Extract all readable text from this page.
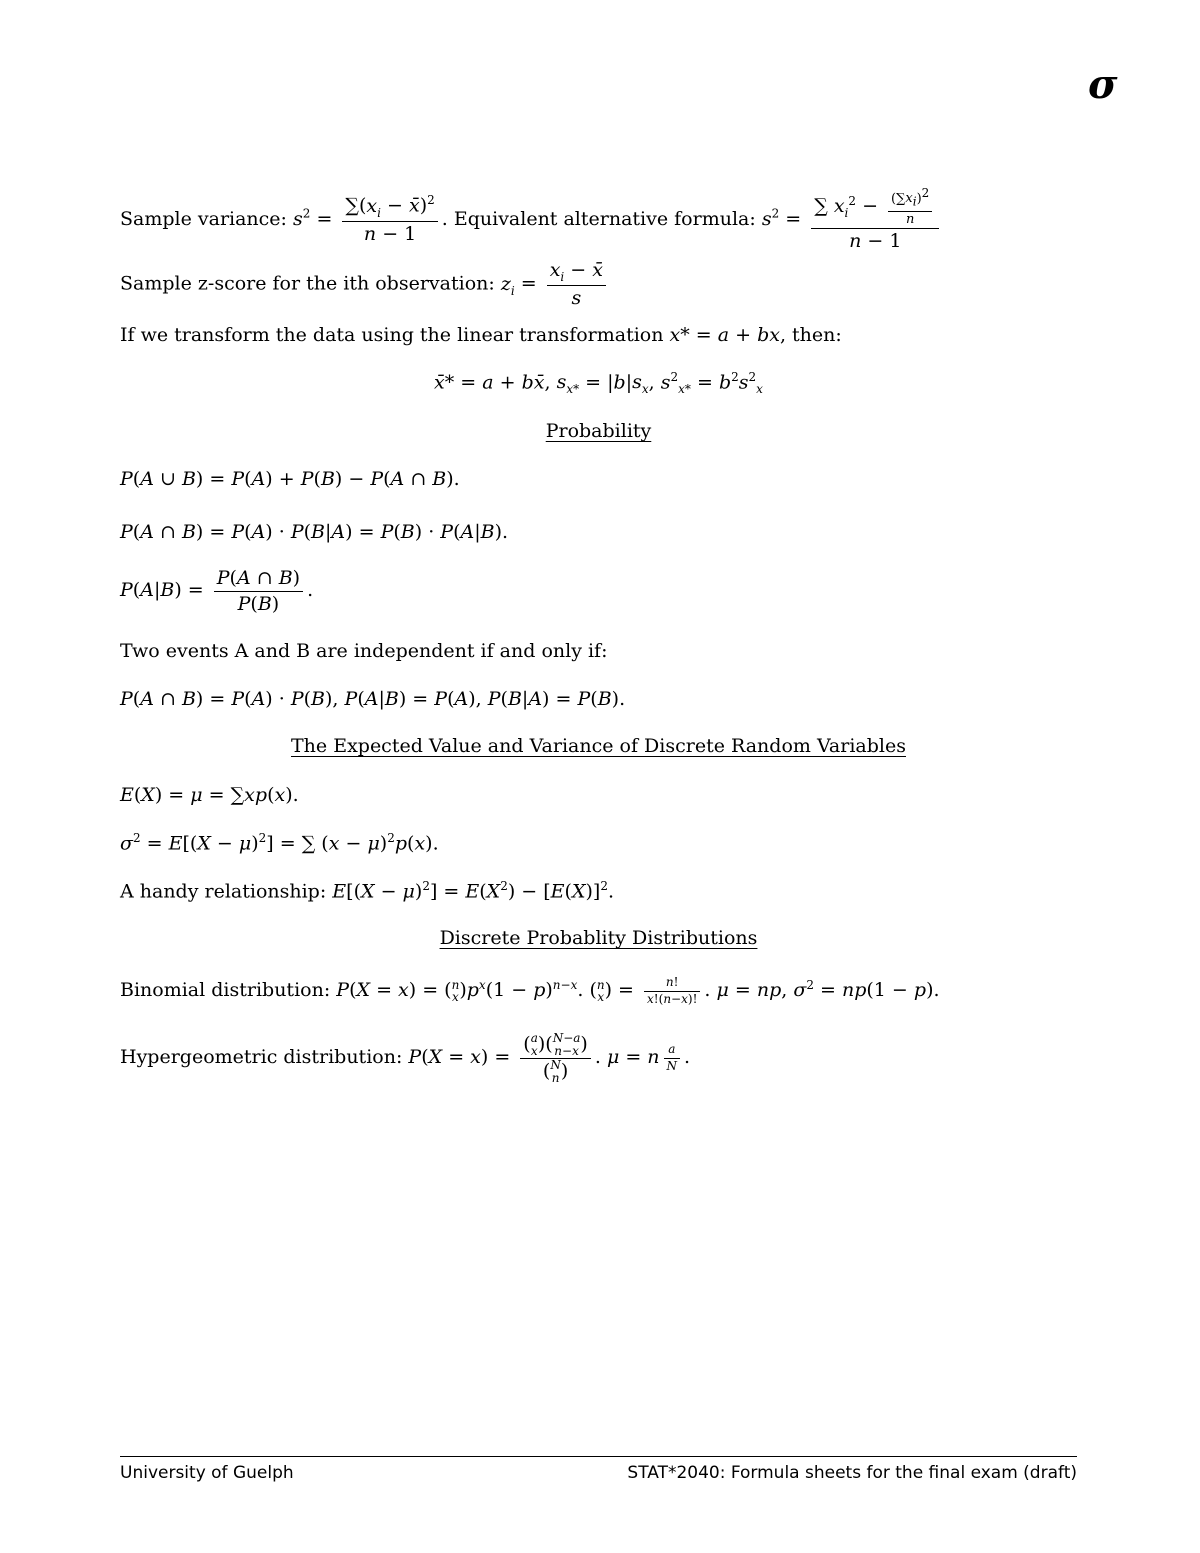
σ
Sample variance: $s^2 = \frac{\sum(x_i - x̄)^2}{n - 1}$ . Equivalent alternative formula: $s^2 = \frac{\sum x_i^2 - \frac{(\sum x_i)^2}{n}}{n - 1}$
Sample z-score for the ith observation: $z_i = \frac{x_i - x̄}{s}$
If we transform the data using the linear transformation x* = a + bx, then:
x̄* = a + bx̄, $s_{x*} = |b|s_x$, $s^2_{x*} = b^2s^2_x$
Probability
P(A ∪ B) = P(A) + P(B) − P(A ∩ B).
P(A ∩ B) = P(A) · P(B|A) = P(B) · P(A|B).
$P(A|B) = \frac{P(A \cap B)}{P(B)}$ .
Two events A and B are independent if and only if:
P(A ∩ B) = P(A) · P(B), P(A|B) = P(A), P(B|A) = P(B).
The Expected Value and Variance of Discrete Random Variables
E(X) = μ = ∑xp(x).
$\sigma^2 = E[(X - \mu)^2]$ = ∑ $(x - \mu)^2p(x)$.
A handy relationship: $E[(X - \mu)^2] = E(X^2) - [E(X)]^2$.
Discrete Probablity Distributions
Binomial distribution: P(X = x) = (n
$x)p^x(1 - p)^{n-x}$. (n
$x) = \frac{n!}{x!(n-x)!}$ . μ = np, $\sigma^2 = np(1 - p)$.
Hypergeometric distribution: P(X = x) =
(a
x)(N−a
n−x)
(N
n)
. μ = n $\frac{a}{N}$ .
University of Guelph	STAT*2040: Formula sheets for the final exam (draft)
